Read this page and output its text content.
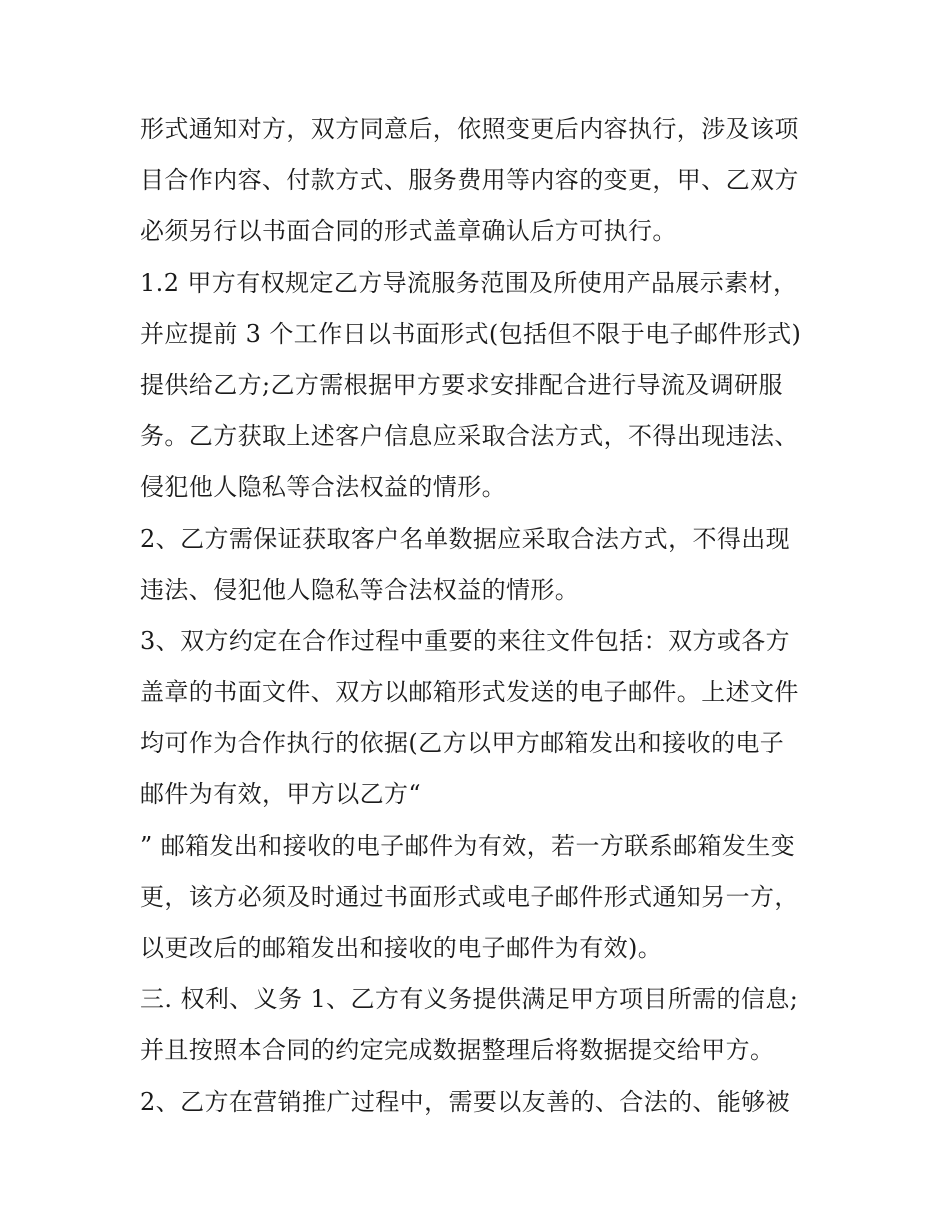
形式通知对方，双方同意后，依照变更后内容执行，涉及该项
目合作内容、付款方式、服务费用等内容的变更，甲、乙双方
必须另行以书面合同的形式盖章确认后方可执行。
1.2 甲方有权规定乙方导流服务范围及所使用产品展示素材，
并应提前 3 个工作日以书面形式(包括但不限于电子邮件形式)
提供给乙方;乙方需根据甲方要求安排配合进行导流及调研服
务。乙方获取上述客户信息应采取合法方式，不得出现违法、
侵犯他人隐私等合法权益的情形。
2、乙方需保证获取客户名单数据应采取合法方式，不得出现
违法、侵犯他人隐私等合法权益的情形。
3、双方约定在合作过程中重要的来往文件包括：双方或各方
盖章的书面文件、双方以邮箱形式发送的电子邮件。上述文件
均可作为合作执行的依据(乙方以甲方邮箱发出和接收的电子
邮件为有效，甲方以乙方“
” 邮箱发出和接收的电子邮件为有效，若一方联系邮箱发生变
更，该方必须及时通过书面形式或电子邮件形式通知另一方，
以更改后的邮箱发出和接收的电子邮件为有效)。
三. 权利、义务 1、乙方有义务提供满足甲方项目所需的信息;
并且按照本合同的约定完成数据整理后将数据提交给甲方。
2、乙方在营销推广过程中，需要以友善的、合法的、能够被
